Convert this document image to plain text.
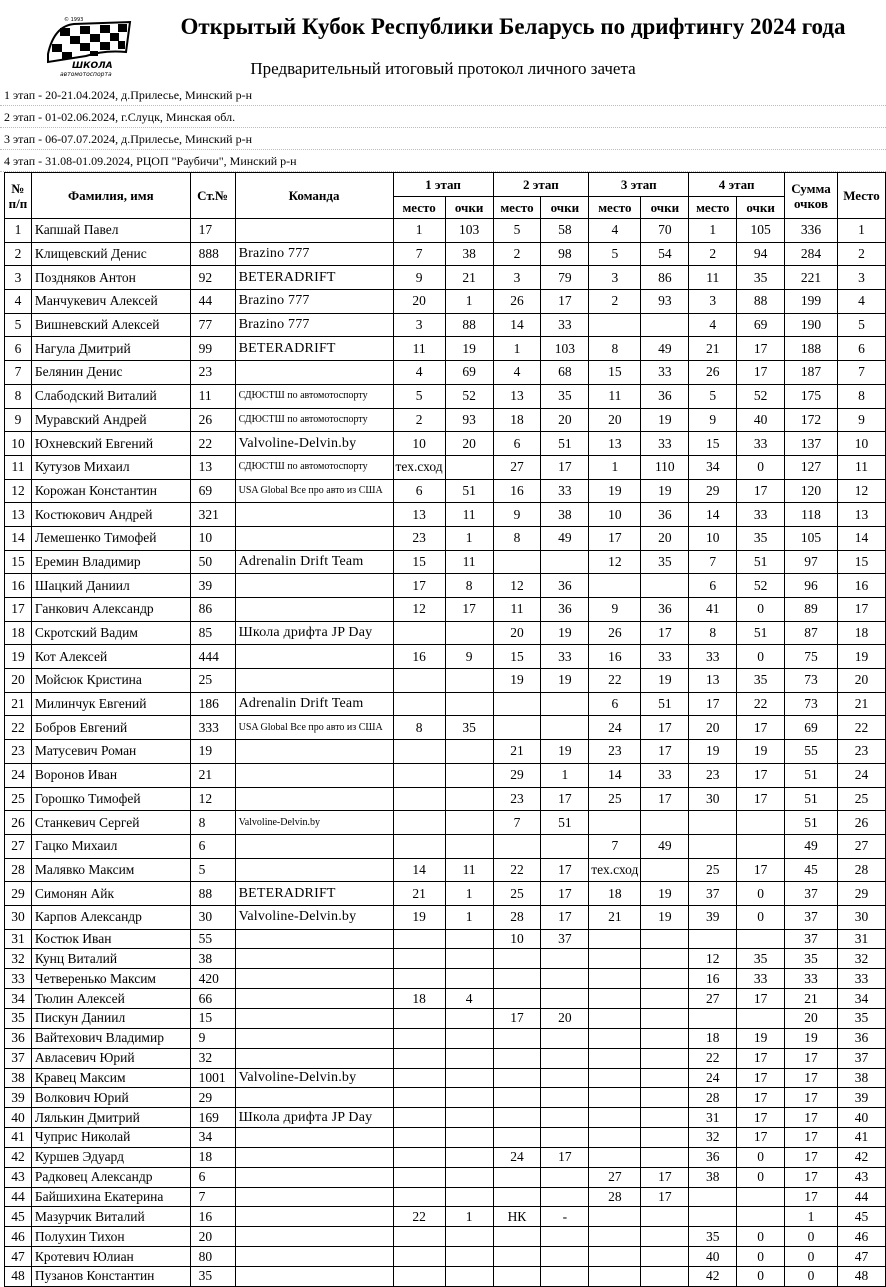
© 1993
ШКОЛА
автомотоспорта
Открытый Кубок Республики Беларусь по дрифтингу 2024 года
Предварительный итоговый протокол личного зачета
1 этап - 20-21.04.2024, д.Прилесье, Минский р-н
2 этап - 01-02.06.2024, г.Слуцк, Минская обл.
3 этап - 06-07.07.2024, д.Прилесье, Минский р-н
4 этап - 31.08-01.09.2024, РЦОП "Раубичи", Минский р-н
№ п/п	Фамилия, имя	Ст.№	Команда	1 этап		2 этап		3 этап		4 этап		Сумма очков	Место
				место	очки	место	очки	место	очки	место	очки		
1	Капшай Павел	17		1	103	5	58	4	70	1	105	336	1
2	Клищевский Денис	888	Brazino 777	7	38	2	98	5	54	2	94	284	2
3	Поздняков Антон	92	BETERADRIFT	9	21	3	79	3	86	11	35	221	3
4	Манчукевич Алексей	44	Brazino 777	20	1	26	17	2	93	3	88	199	4
5	Вишневский Алексей	77	Brazino 777	3	88	14	33			4	69	190	5
6	Нагула Дмитрий	99	BETERADRIFT	11	19	1	103	8	49	21	17	188	6
7	Белянин Денис	23		4	69	4	68	15	33	26	17	187	7
8	Слабодский Виталий	11	СДЮСТШ по автомотоспорту	5	52	13	35	11	36	5	52	175	8
9	Муравский Андрей	26	СДЮСТШ по автомотоспорту	2	93	18	20	20	19	9	40	172	9
10	Юхневский Евгений	22	Valvoline-Delvin.by	10	20	6	51	13	33	15	33	137	10
11	Кутузов Михаил	13	СДЮСТШ по автомотоспорту	тех.сход		27	17	1	110	34	0	127	11
12	Корожан Константин	69	USA Global Все про авто из США	6	51	16	33	19	19	29	17	120	12
13	Костюкович Андрей	321		13	11	9	38	10	36	14	33	118	13
14	Лемешенко Тимофей	10		23	1	8	49	17	20	10	35	105	14
15	Еремин Владимир	50	Adrenalin Drift Team	15	11			12	35	7	51	97	15
16	Шацкий Даниил	39		17	8	12	36			6	52	96	16
17	Ганкович Александр	86		12	17	11	36	9	36	41	0	89	17
18	Скротский Вадим	85	Школа дрифта JP Day			20	19	26	17	8	51	87	18
19	Кот Алексей	444		16	9	15	33	16	33	33	0	75	19
20	Мойсюк Кристина	25				19	19	22	19	13	35	73	20
21	Милинчук Евгений	186	Adrenalin Drift Team					6	51	17	22	73	21
22	Бобров Евгений	333	USA Global Все про авто из США	8	35			24	17	20	17	69	22
23	Матусевич Роман	19				21	19	23	17	19	19	55	23
24	Воронов Иван	21				29	1	14	33	23	17	51	24
25	Горошко Тимофей	12				23	17	25	17	30	17	51	25
26	Станкевич Сергей	8	Valvoline-Delvin.by			7	51					51	26
27	Гацко Михаил	6						7	49			49	27
28	Малявко Максим	5		14	11	22	17	тех.сход		25	17	45	28
29	Симонян Айк	88	BETERADRIFT	21	1	25	17	18	19	37	0	37	29
30	Карпов Александр	30	Valvoline-Delvin.by	19	1	28	17	21	19	39	0	37	30
31	Костюк Иван	55				10	37					37	31
32	Кунц Виталий	38								12	35	35	32
33	Четверенько Максим	420								16	33	33	33
34	Тюлин Алексей	66		18	4					27	17	21	34
35	Пискун Даниил	15				17	20					20	35
36	Вайтехович Владимир	9								18	19	19	36
37	Авласевич Юрий	32								22	17	17	37
38	Кравец Максим	1001	Valvoline-Delvin.by							24	17	17	38
39	Волкович Юрий	29								28	17	17	39
40	Лялькин Дмитрий	169	Школа дрифта JP Day							31	17	17	40
41	Чуприс Николай	34								32	17	17	41
42	Куршев Эдуард	18				24	17			36	0	17	42
43	Радковец Александр	6						27	17	38	0	17	43
44	Байшихина Екатерина	7						28	17			17	44
45	Мазурчик Виталий	16		22	1	НК	-					1	45
46	Полухин Тихон	20								35	0	0	46
47	Кротевич Юлиан	80								40	0	0	47
48	Пузанов Константин	35								42	0	0	48
